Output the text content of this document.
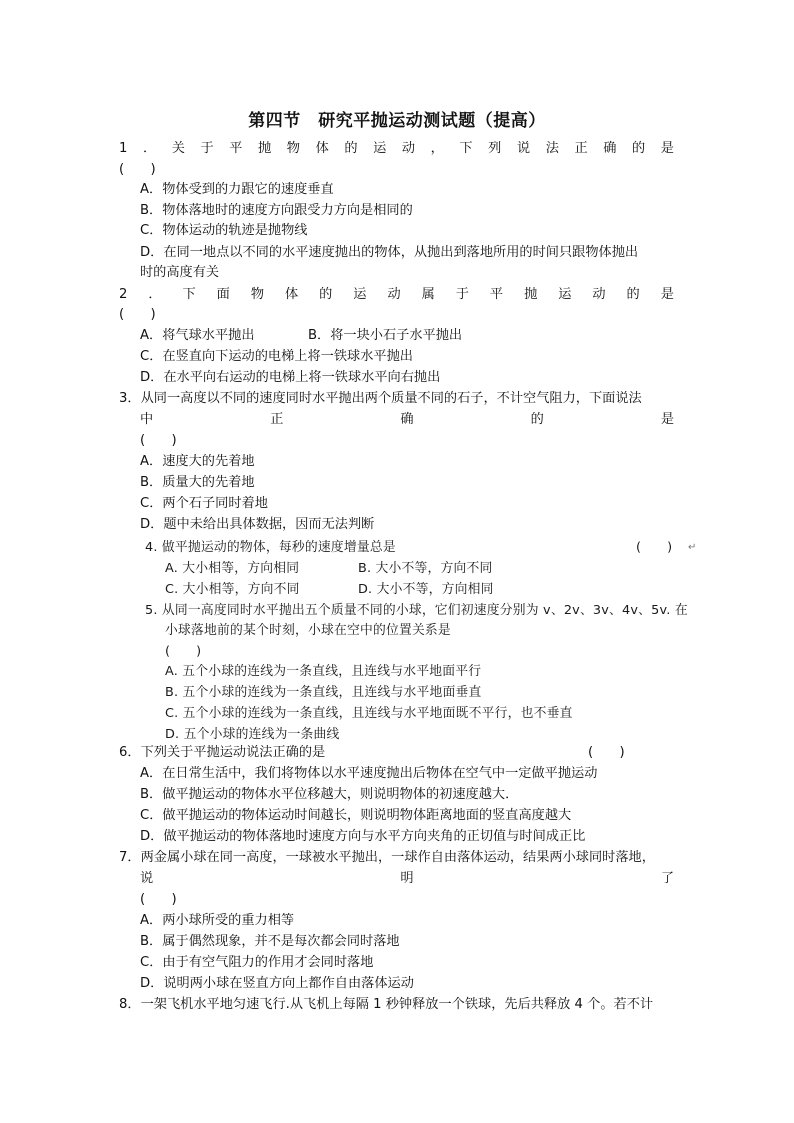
第四节　研究平抛运动测试题（提高）
1 ． 关 于 平 抛 物 体 的 运 动 ， 下 列 说 法 正 确 的 是
(　　)
A．物体受到的力跟它的速度垂直
B．物体落地时的速度方向跟受力方向是相同的
C．物体运动的轨迹是抛物线
D．在同一地点以不同的水平速度抛出的物体，从抛出到落地所用的时间只跟物体抛出
时的高度有关
2 ． 下 面 物 体 的 运 动 属 于 平 抛 运 动 的 是
(　　)
A．将气球水平抛出	B．将一块小石子水平抛出
C．在竖直向下运动的电梯上将一铁球水平抛出
D．在水平向右运动的电梯上将一铁球水平向右抛出
3．从同一高度以不同的速度同时水平抛出两个质量不同的石子，不计空气阻力，下面说法
中	正	确	的	是
(　　)
A．速度大的先着地
B．质量大的先着地
C．两个石子同时着地
D．题中未给出具体数据，因而无法判断
4. 做平抛运动的物体，每秒的速度增量总是	(　　) ↵
A. 大小相等，方向相同	B. 大小不等，方向不同
C. 大小相等，方向不同	D. 大小不等，方向相同
5. 从同一高度同时水平抛出五个质量不同的小球，它们初速度分别为 v、2v、3v、4v、5v. 在
小球落地前的某个时刻，小球在空中的位置关系是
(　　)
A. 五个小球的连线为一条直线，且连线与水平地面平行
B. 五个小球的连线为一条直线，且连线与水平地面垂直
C. 五个小球的连线为一条直线，且连线与水平地面既不平行，也不垂直
D. 五个小球的连线为一条曲线
6．下列关于平抛运动说法正确的是	(　　)
A．在日常生活中，我们将物体以水平速度抛出后物体在空气中一定做平抛运动
B．做平抛运动的物体水平位移越大，则说明物体的初速度越大．
C．做平抛运动的物体运动时间越长，则说明物体距离地面的竖直高度越大
D．做平抛运动的物体落地时速度方向与水平方向夹角的正切值与时间成正比
7．两金属小球在同一高度，一球被水平抛出，一球作自由落体运动，结果两小球同时落地，
说	明	了
(　　)
A．两小球所受的重力相等
B．属于偶然现象，并不是每次都会同时落地
C．由于有空气阻力的作用才会同时落地
D．说明两小球在竖直方向上都作自由落体运动
8．一架飞机水平地匀速飞行.从飞机上每隔 1 秒钟释放一个铁球，先后共释放 4 个。若不计
